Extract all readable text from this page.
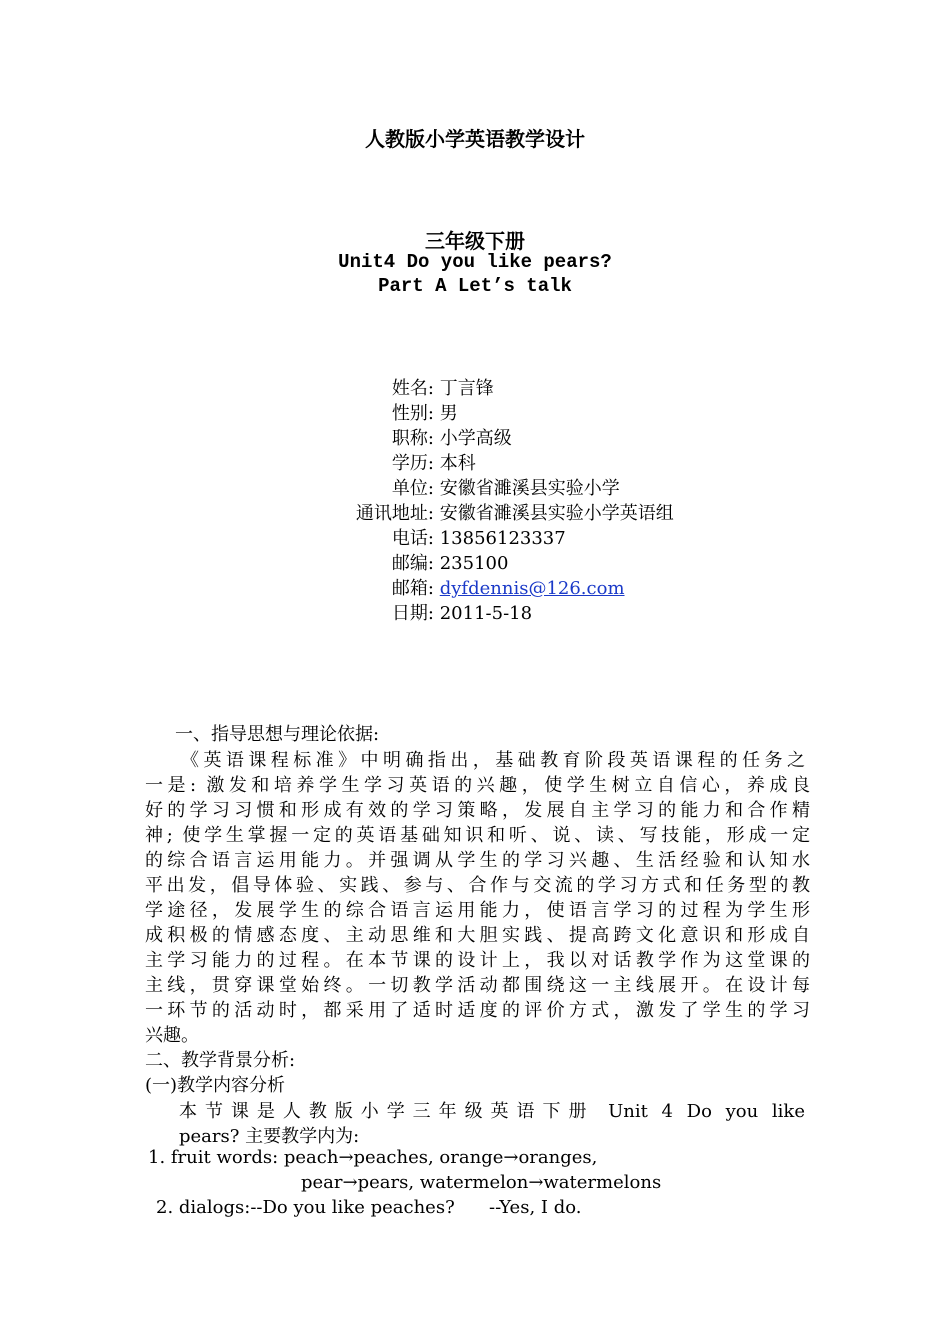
人教版小学英语教学设计
三年级下册
Unit4 Do you like pears?
Part A Let’s talk
姓名: 丁言锋
性别: 男
职称: 小学高级
学历: 本科
单位: 安徽省濉溪县实验小学
通讯地址: 安徽省濉溪县实验小学英语组
电话: 13856123337
邮编: 235100
邮箱: dyfdennis@126.com
日期: 2011-5-18
一、指导思想与理论依据:
《英语课程标准》中明确指出，基础教育阶段英语课程的任务之
一是: 激发和培养学生学习英语的兴趣，使学生树立自信心，养成良
好的学习习惯和形成有效的学习策略，发展自主学习的能力和合作精
神; 使学生掌握一定的英语基础知识和听、说、读、写技能，形成一定
的综合语言运用能力。并强调从学生的学习兴趣、生活经验和认知水
平出发，倡导体验、实践、参与、合作与交流的学习方式和任务型的教
学途径，发展学生的综合语言运用能力，使语言学习的过程为学生形
成积极的情感态度、主动思维和大胆实践、提高跨文化意识和形成自
主学习能力的过程。在本节课的设计上，我以对话教学作为这堂课的
主线，贯穿课堂始终。一切教学活动都围绕这一主线展开。在设计每
一环节的活动时，都采用了适时适度的评价方式，激发了学生的学习
兴趣。
二、教学背景分析:
(一)教学内容分析
本节课是人教版小学三年级英语下册 Unit 4 Do you like
pears? 主要教学内为:
1. fruit words: peach→peaches, orange→oranges,
pear→pears, watermelon→watermelons
2. dialogs:--Do you like peaches?      --Yes, I do.
